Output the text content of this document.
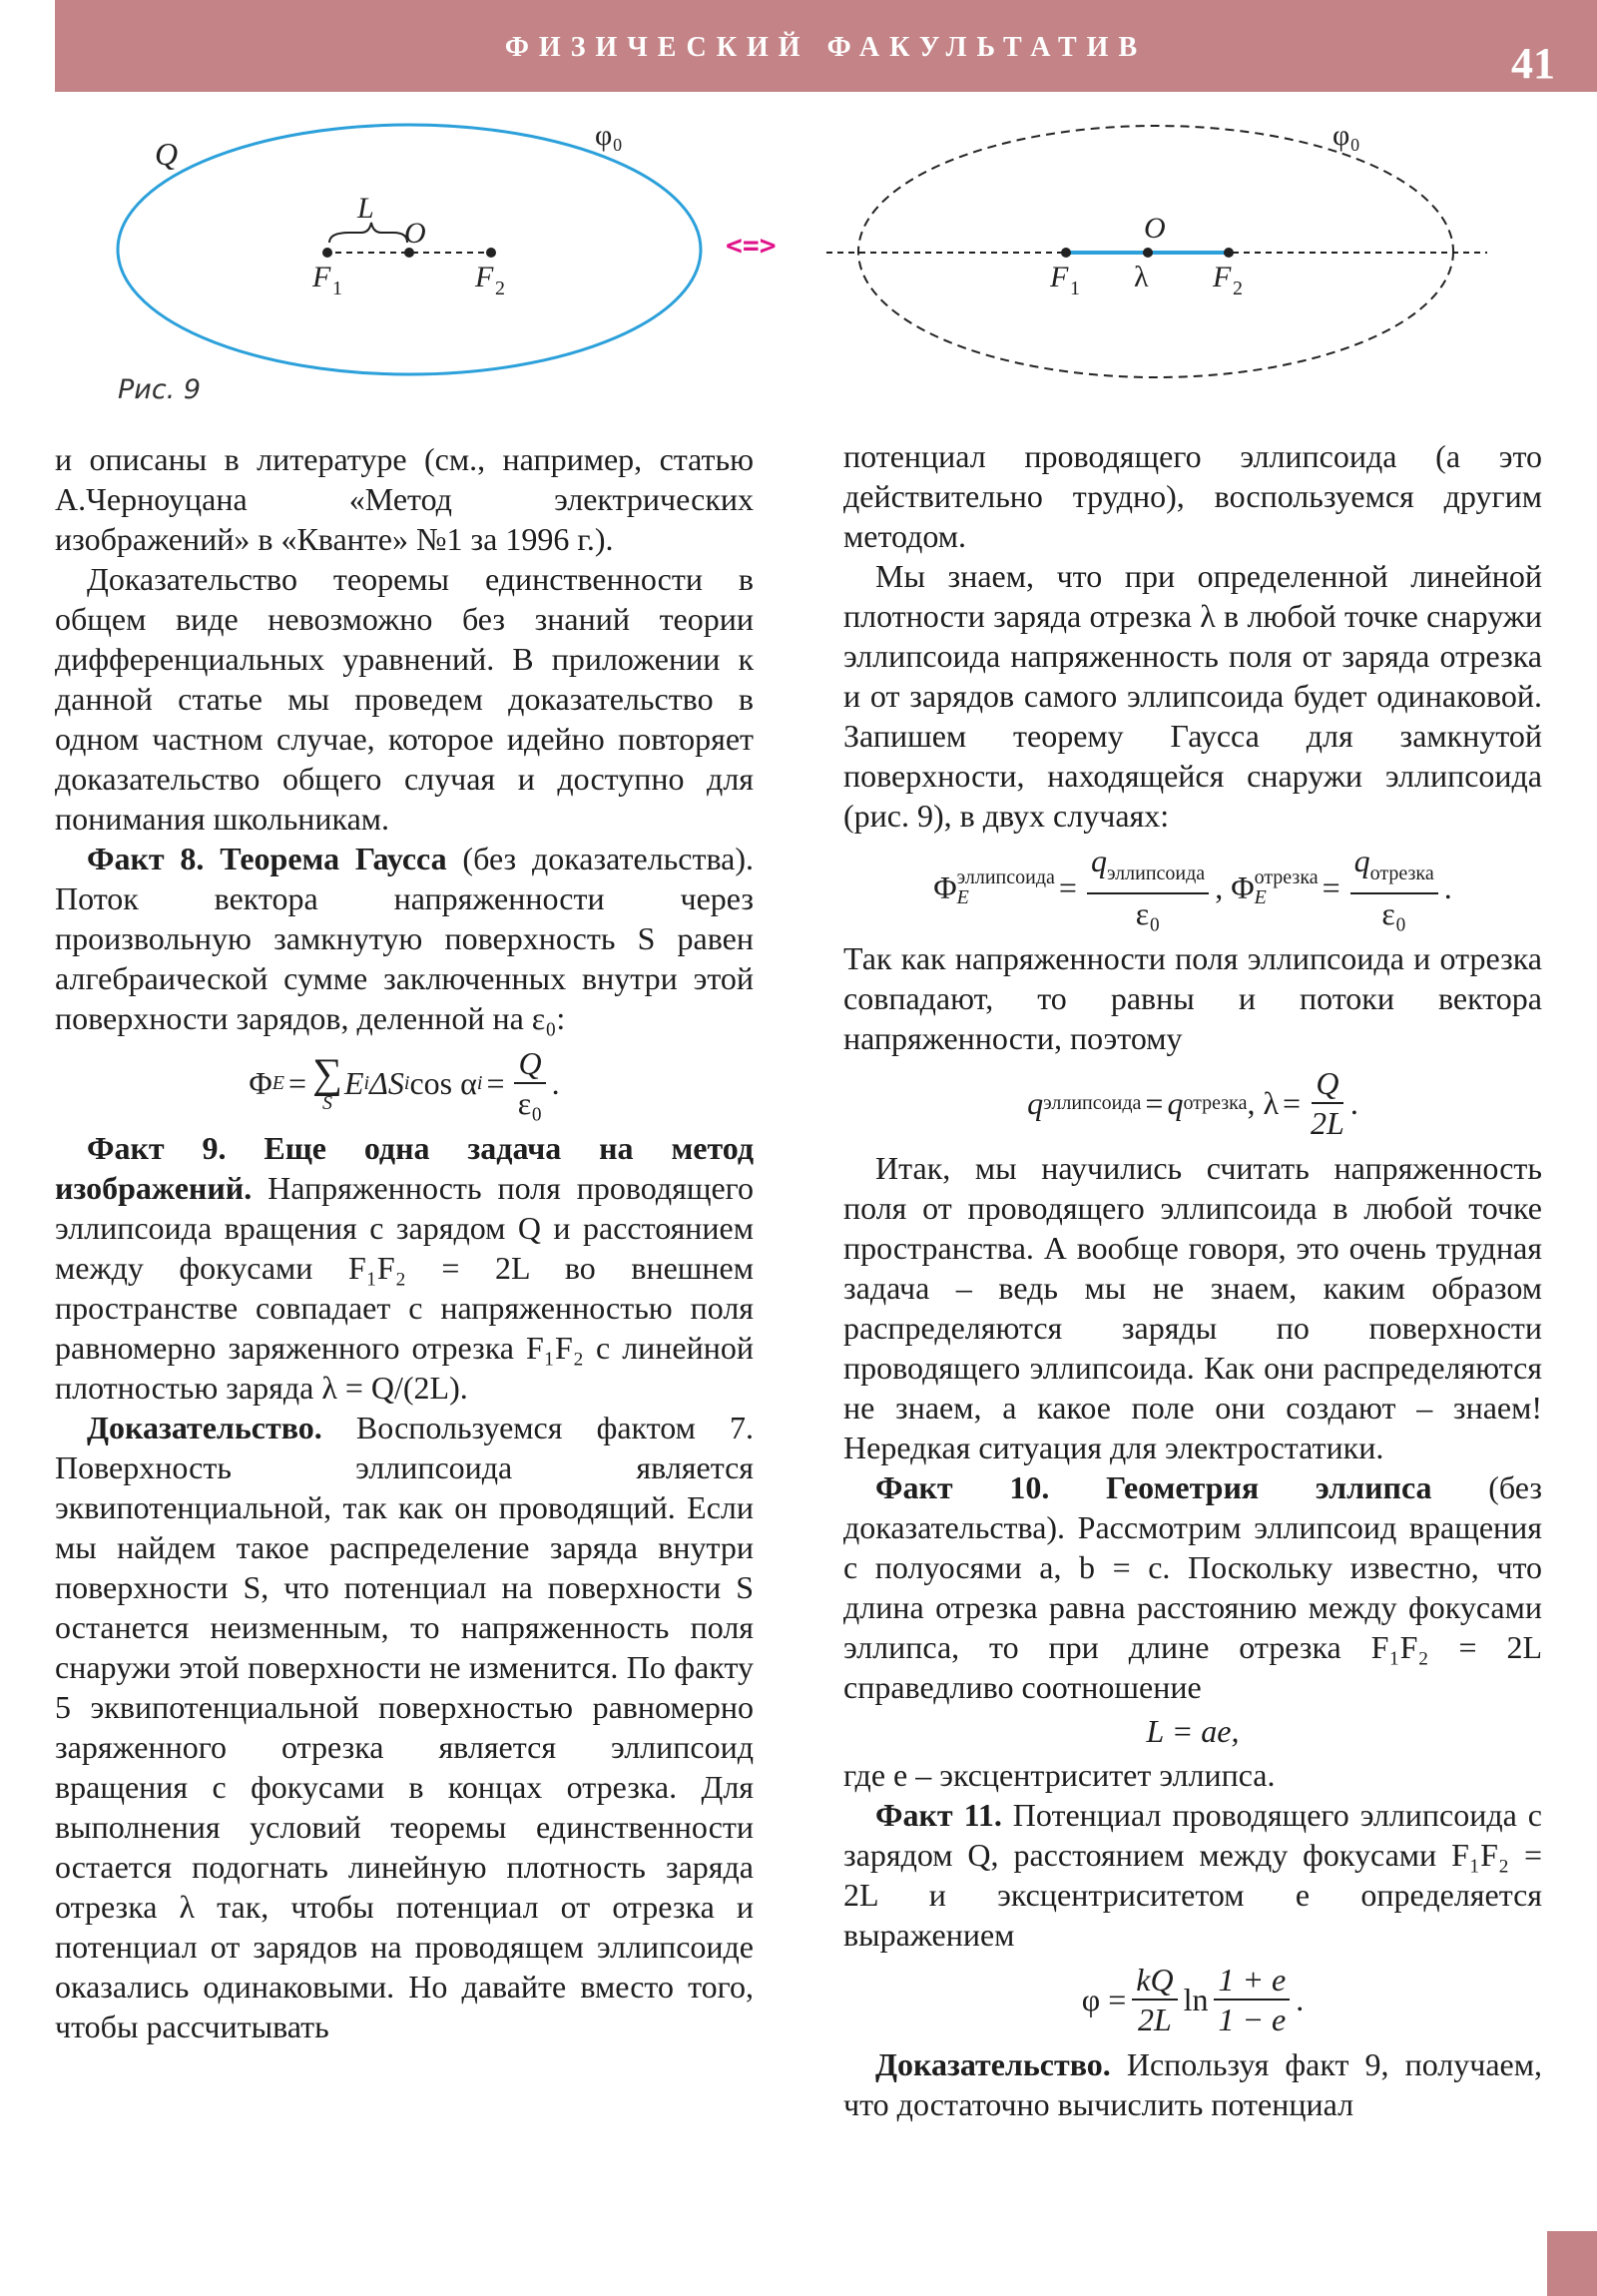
ФИЗИЧЕСКИЙ ФАКУЛЬТАТИВ	41
Q
φ₀
L
O
F 1	F 2
<=>
φ₀
O
F 1 λ F 2
Рис. 9

и описаны в литературе (см., например, статью А.Черноуцана «Метод электрических изображений» в «Кванте» №1 за 1996 г.).

Доказательство теоремы единственности в общем виде невозможно без знаний теории дифференциальных уравнений. В приложении к данной статье мы проведем доказательство в одном частном случае, которое идейно повторяет доказательство общего случая и доступно для понимания школьникам.

Факт 8. Теорема Гаусса (без доказательства). Поток вектора напряженности через произвольную замкнутую поверхность S равен алгебраической сумме заключенных внутри этой поверхности зарядов, деленной на ε₀:

Φ E = ∑
S
E i ΔS i cos α $i = \frac{Q}{\text{ε₀}}$ .

Факт 9. Еще одна задача на метод изображений. Напряженность поля проводящего эллипсоида вращения с зарядом Q и расстоянием между фокусами F₁F₂ = 2L во внешнем пространстве совпадает с напряженностью поля равномерно заряженного отрезка F₁F₂ с линейной плотностью заряда λ = Q/(2L).

Доказательство. Воспользуемся фактом 7. Поверхность эллипсоида является эквипотенциальной, так как он проводящий. Если мы найдем такое распределение заряда внутри поверхности S, что потенциал на поверхности S останется неизменным, то напряженность поля снаружи этой поверхности не изменится. По факту 5 эквипотенциальной поверхностью равномерно заряженного отрезка является эллипсоид вращения с фокусами в концах отрезка. Для выполнения условий теоремы единственности остается подогнать линейную плотность заряда отрезка λ так, чтобы потенциал от отрезка и потенциал от зарядов на проводящем эллипсоиде оказались одинаковыми. Но давайте вместо того, чтобы рассчитывать

потенциал проводящего эллипсоида (а это действительно трудно), воспользуемся другим методом.

Мы знаем, что при определенной линейной плотности заряда отрезка λ в любой точке снаружи эллипсоида напряженность поля от заряда отрезка и от зарядов самого эллипсоида будет одинаковой. Запишем теорему Гаусса для замкнутой поверхности, находящейся снаружи эллипсоида (рис. 9), в двух случаях:

Φ эллипсоида
E	= $\frac{q_{эллипсоида}}{\text{ε₀}}$ , Φ отрезка
E	= $\frac{q_{отрезка}}{\text{ε₀}}$ .

Так как напряженности поля эллипсоида и отрезка совпадают, то равны и потоки вектора напряженности, поэтому

q эллипсоида = q отрезка , $\lambda = \frac{Q}{2L}$ .

Итак, мы научились считать напряженность поля от проводящего эллипсоида в любой точке пространства. А вообще говоря, это очень трудная задача – ведь мы не знаем, каким образом распределяются заряды по поверхности проводящего эллипсоида. Как они распределяются не знаем, а какое поле они создают – знаем! Нередкая ситуация для электростатики.

Факт 10. Геометрия эллипса (без доказательства). Рассмотрим эллипсоид вращения с полуосями a, b = c. Поскольку известно, что длина отрезка равна расстоянию между фокусами эллипса, то при длине отрезка F₁F₂ = 2L справедливо соотношение

L = ae,

где e – эксцентриситет эллипса.

Факт 11. Потенциал проводящего эллипсоида с зарядом Q, расстоянием между фокусами F₁F₂ = 2L и эксцентриситетом e определяется выражением

$\varphi = \frac{kQ}{2L}$ $\ln \frac{1 + e}{1 - e}$ .

Доказательство. Используя факт 9, получаем, что достаточно вычислить потенциал
